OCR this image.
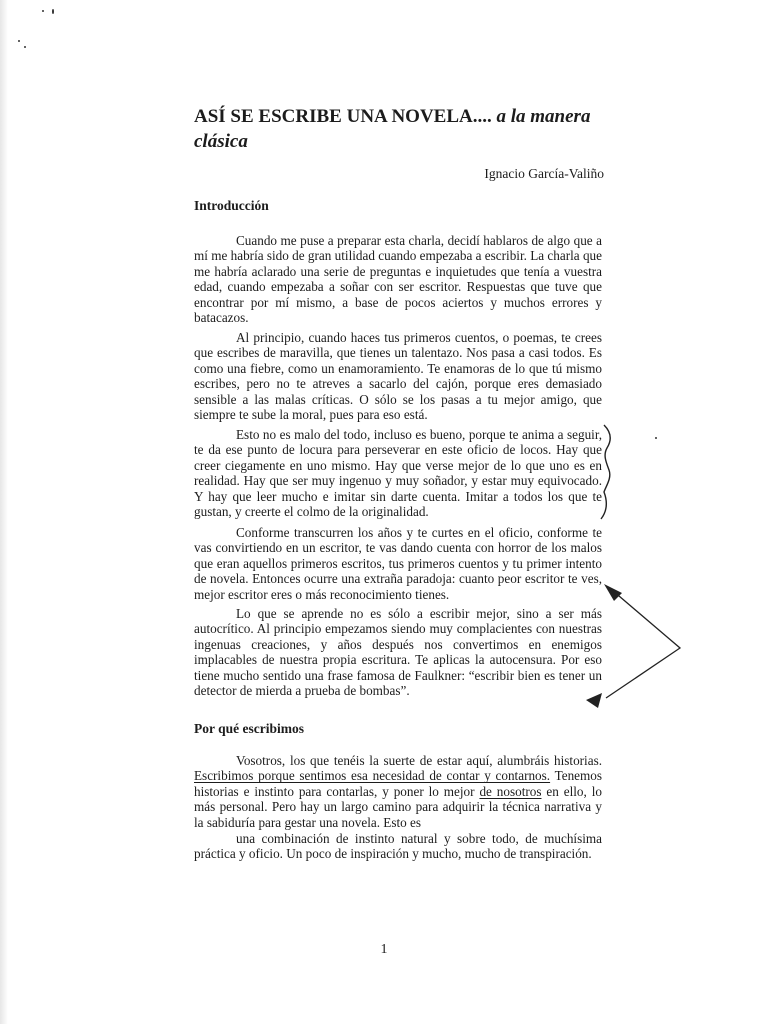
ASÍ SE ESCRIBE UNA NOVELA.... a la manera clásica

Ignacio García-Valiño

Introducción

Cuando me puse a preparar esta charla, decidí hablaros de algo que a mí me habría sido de gran utilidad cuando empezaba a escribir. La charla que me habría aclarado una serie de preguntas e inquietudes que tenía a vuestra edad, cuando empezaba a soñar con ser escritor. Respuestas que tuve que encontrar por mí mismo, a base de pocos aciertos y muchos errores y batacazos.

Al principio, cuando haces tus primeros cuentos, o poemas, te crees que escribes de maravilla, que tienes un talentazo. Nos pasa a casi todos. Es como una fiebre, como un enamoramiento. Te enamoras de lo que tú mismo escribes, pero no te atreves a sacarlo del cajón, porque eres demasiado sensible a las malas críticas. O sólo se los pasas a tu mejor amigo, que siempre te sube la moral, pues para eso está.

Esto no es malo del todo, incluso es bueno, porque te anima a seguir, te da ese punto de locura para perseverar en este oficio de locos. Hay que creer ciegamente en uno mismo. Hay que verse mejor de lo que uno es en realidad. Hay que ser muy ingenuo y muy soñador, y estar muy equivocado. Y hay que leer mucho e imitar sin darte cuenta. Imitar a todos los que te gustan, y creerte el colmo de la originalidad.

Conforme transcurren los años y te curtes en el oficio, conforme te vas convirtiendo en un escritor, te vas dando cuenta con horror de los malos que eran aquellos primeros escritos, tus primeros cuentos y tu primer intento de novela. Entonces ocurre una extraña paradoja: cuanto peor escritor te ves, mejor escritor eres o más reconocimiento tienes.

Lo que se aprende no es sólo a escribir mejor, sino a ser más autocrítico. Al principio empezamos siendo muy complacientes con nuestras ingenuas creaciones, y años después nos convertimos en enemigos implacables de nuestra propia escritura. Te aplicas la autocensura. Por eso tiene mucho sentido una frase famosa de Faulkner: “escribir bien es tener un detector de mierda a prueba de bombas”.

Por qué escribimos

Vosotros, los que tenéis la suerte de estar aquí, alumbráis historias. Escribimos porque sentimos esa necesidad de contar y contarnos. Tenemos historias e instinto para contarlas, y poner lo mejor de nosotros en ello, lo más personal. Pero hay un largo camino para adquirir la técnica narrativa y la sabiduría para gestar una novela. Esto es

una combinación de instinto natural y sobre todo, de muchísima práctica y oficio. Un poco de inspiración y mucho, mucho de transpiración.

1
